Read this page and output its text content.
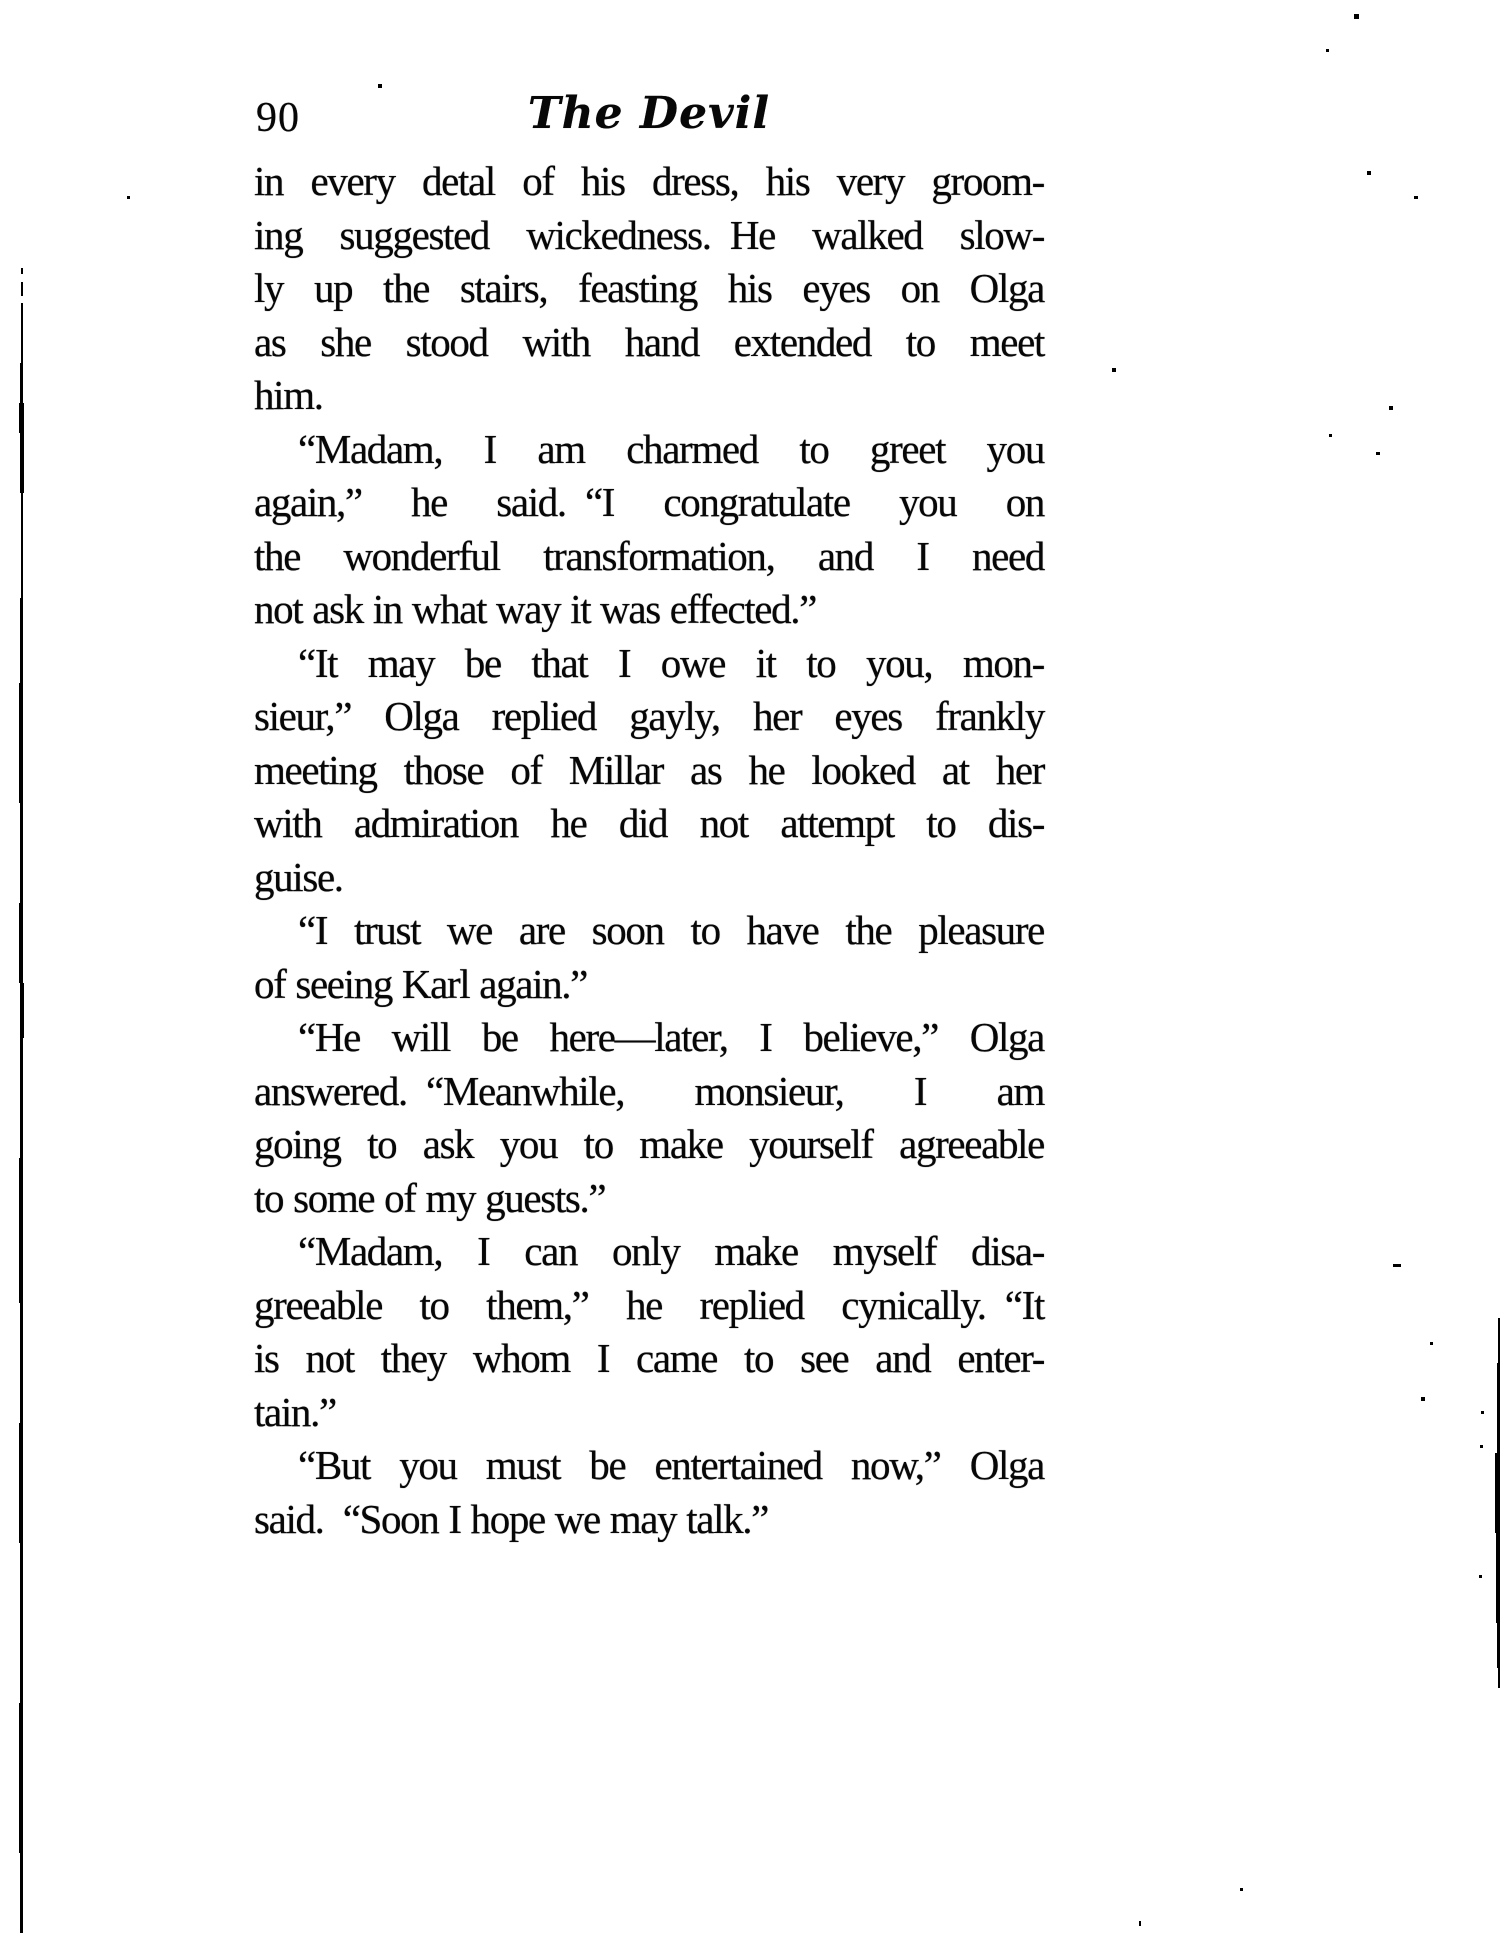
90	The Devil
in every detal of his dress, his very groom-
ing suggested wickedness. He walked slow-
ly up the stairs, feasting his eyes on Olga
as she stood with hand extended to meet
him.
“Madam, I am charmed to greet you
again,” he said. “I congratulate you on
the wonderful transformation, and I need
not ask in what way it was effected.”
“It may be that I owe it to you, mon-
sieur,” Olga replied gayly, her eyes frankly
meeting those of Millar as he looked at her
with admiration he did not attempt to dis-
guise.
“I trust we are soon to have the pleasure
of seeing Karl again.”
“He will be here—later, I believe,” Olga
answered. “Meanwhile, monsieur, I am
going to ask you to make yourself agreeable
to some of my guests.”
“Madam, I can only make myself disa-
greeable to them,” he replied cynically. “It
is not they whom I came to see and enter-
tain.”
“But you must be entertained now,” Olga
said. “Soon I hope we may talk.”
